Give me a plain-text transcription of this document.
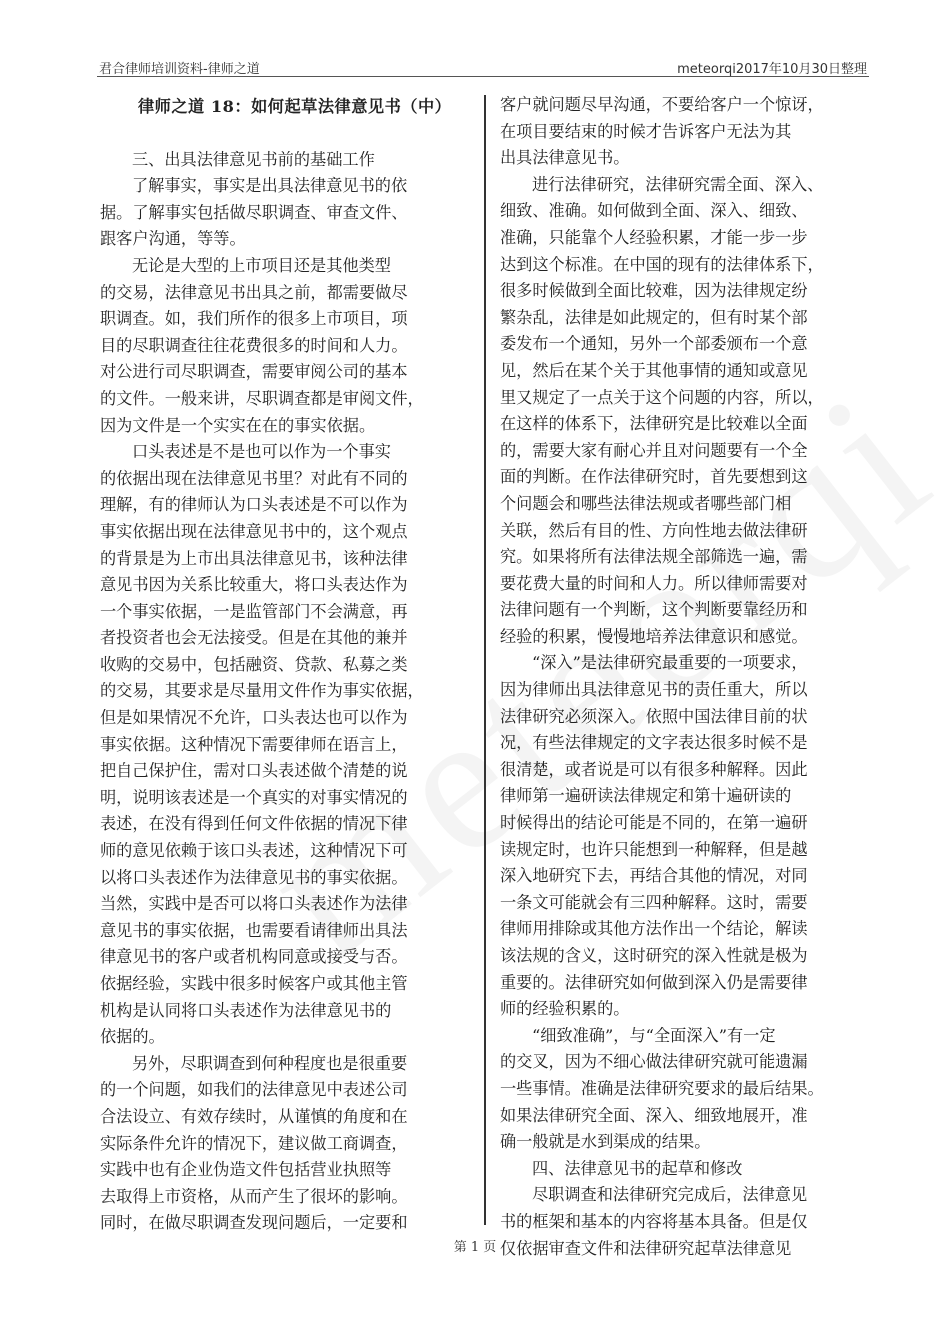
君合律师培训资料-律师之道	meteorqi2017年10月30日整理

律师之道 18：如何起草法律意见书（中）

三、出具法律意见书前的基础工作

了解事实，事实是出具法律意见书的依

据。了解事实包括做尽职调查、审查文件、

跟客户沟通，等等。

无论是大型的上市项目还是其他类型

的交易，法律意见书出具之前，都需要做尽

职调查。如，我们所作的很多上市项目，项

目的尽职调查往往花费很多的时间和人力。

对公进行司尽职调查，需要审阅公司的基本

的文件。一般来讲，尽职调查都是审阅文件，

因为文件是一个实实在在的事实依据。

口头表述是不是也可以作为一个事实

的依据出现在法律意见书里？对此有不同的

理解，有的律师认为口头表述是不可以作为

事实依据出现在法律意见书中的，这个观点

的背景是为上市出具法律意见书，该种法律

意见书因为关系比较重大，将口头表达作为

一个事实依据，一是监管部门不会满意，再

者投资者也会无法接受。但是在其他的兼并

收购的交易中，包括融资、贷款、私募之类

的交易，其要求是尽量用文件作为事实依据，

但是如果情况不允许，口头表达也可以作为

事实依据。这种情况下需要律师在语言上，

把自己保护住，需对口头表述做个清楚的说

明，说明该表述是一个真实的对事实情况的

表述，在没有得到任何文件依据的情况下律

师的意见依赖于该口头表述，这种情况下可

以将口头表述作为法律意见书的事实依据。

当然，实践中是否可以将口头表述作为法律

意见书的事实依据，也需要看请律师出具法

律意见书的客户或者机构同意或接受与否。

依据经验，实践中很多时候客户或其他主管

机构是认同将口头表述作为法律意见书的

依据的。

另外，尽职调查到何种程度也是很重要

的一个问题，如我们的法律意见中表述公司

合法设立、有效存续时，从谨慎的角度和在

实际条件允许的情况下，建议做工商调查，

实践中也有企业伪造文件包括营业执照等

去取得上市资格，从而产生了很坏的影响。

同时，在做尽职调查发现问题后，一定要和

客户就问题尽早沟通，不要给客户一个惊讶，

在项目要结束的时候才告诉客户无法为其

出具法律意见书。

进行法律研究，法律研究需全面、深入、

细致、准确。如何做到全面、深入、细致、

准确，只能靠个人经验积累，才能一步一步

达到这个标准。在中国的现有的法律体系下，

很多时候做到全面比较难，因为法律规定纷

繁杂乱，法律是如此规定的，但有时某个部

委发布一个通知，另外一个部委颁布一个意

见，然后在某个关于其他事情的通知或意见

里又规定了一点关于这个问题的内容，所以，

在这样的体系下，法律研究是比较难以全面

的，需要大家有耐心并且对问题要有一个全

面的判断。在作法律研究时，首先要想到这

个问题会和哪些法律法规或者哪些部门相

关联，然后有目的性、方向性地去做法律研

究。如果将所有法律法规全部筛选一遍，需

要花费大量的时间和人力。所以律师需要对

法律问题有一个判断，这个判断要靠经历和

经验的积累，慢慢地培养法律意识和感觉。

“深入”是法律研究最重要的一项要求，

因为律师出具法律意见书的责任重大，所以

法律研究必须深入。依照中国法律目前的状

况，有些法律规定的文字表达很多时候不是

很清楚，或者说是可以有很多种解释。因此

律师第一遍研读法律规定和第十遍研读的

时候得出的结论可能是不同的，在第一遍研

读规定时，也许只能想到一种解释，但是越

深入地研究下去，再结合其他的情况，对同

一条文可能就会有三四种解释。这时，需要

律师用排除或其他方法作出一个结论，解读

该法规的含义，这时研究的深入性就是极为

重要的。法律研究如何做到深入仍是需要律

师的经验积累的。

“细致准确”，与“全面深入”有一定

的交叉，因为不细心做法律研究就可能遗漏

一些事情。准确是法律研究要求的最后结果。

如果法律研究全面、深入、细致地展开，准

确一般就是水到渠成的结果。

四、法律意见书的起草和修改

尽职调查和法律研究完成后，法律意见

书的框架和基本的内容将基本具备。但是仅

仅依据审查文件和法律研究起草法律意见

第 1 页
